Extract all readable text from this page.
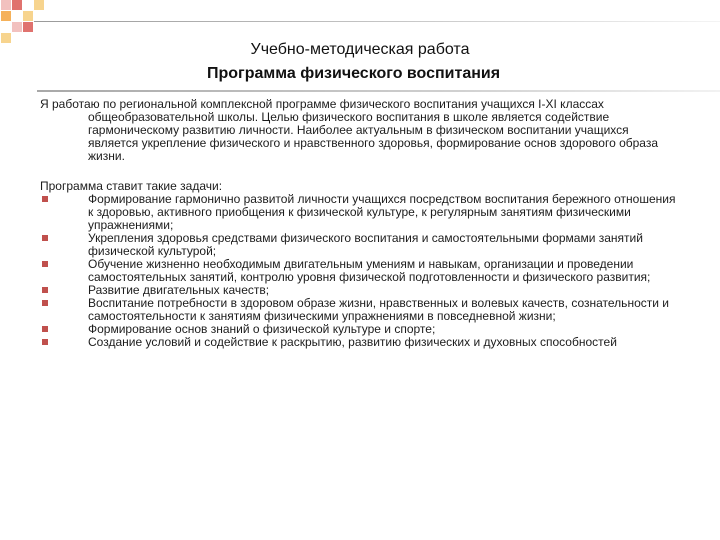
Учебно-методическая работа
Программа физического воспитания

Я работаю по региональной комплексной программе физического воспитания учащихся I-XI классах общеобразовательной школы. Целью физического воспитания в школе является содействие гармоническому развитию личности. Наиболее актуальным в физическом воспитании учащихся является укрепление физического и нравственного здоровья, формирование основ здорового образа жизни.

Программа ставит такие задачи:

Формирование гармонично развитой личности учащихся посредством воспитания бережного отношения к здоровью, активного приобщения к физической культуре, к регулярным занятиям физическими упражнениями;
Укрепления здоровья средствами физического воспитания и самостоятельными формами занятий физической культурой;
Обучение жизненно необходимым двигательным умениям и навыкам, организации и проведении самостоятельных занятий, контролю уровня физической подготовленности и физического развития;
Развитие двигательных качеств;
Воспитание потребности в здоровом образе жизни, нравственных и волевых качеств, сознательности и самостоятельности к занятиям физическими упражнениями в повседневной жизни;
Формирование основ знаний о физической культуре и спорте;
Создание условий и содействие к раскрытию, развитию физических и духовных способностей
